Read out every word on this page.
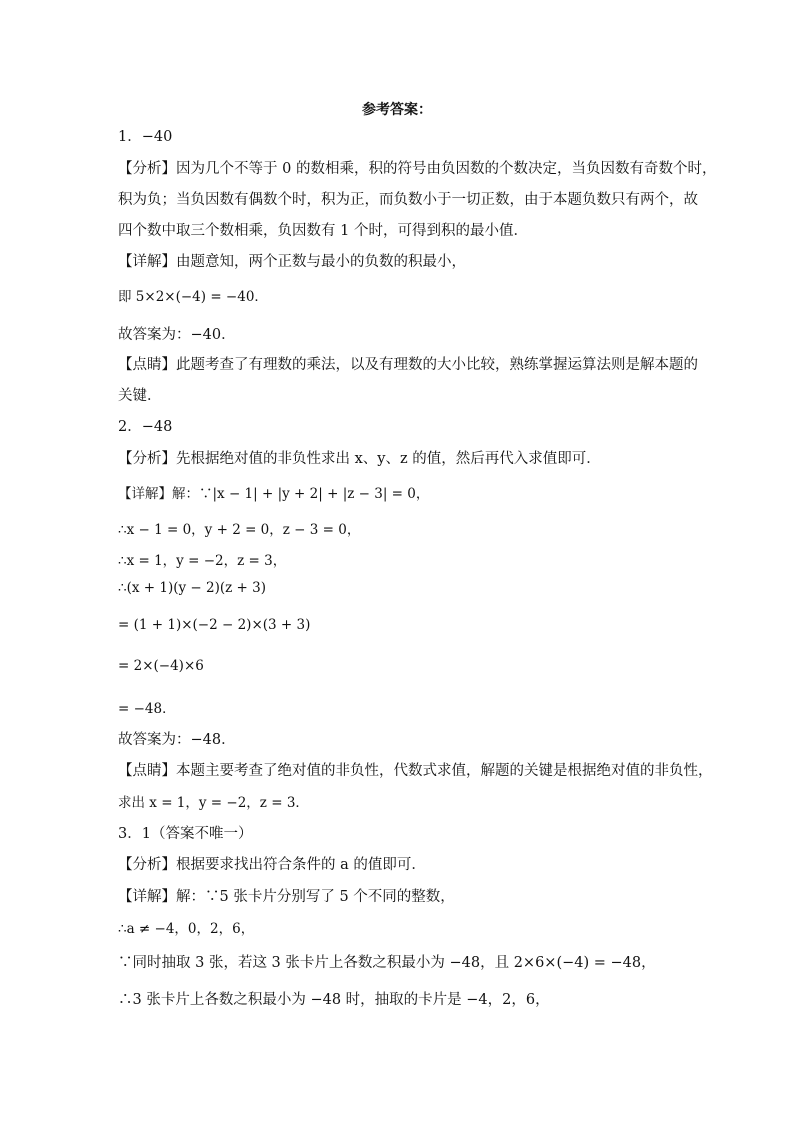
参考答案：
1．−40
【分析】因为几个不等于 0 的数相乘，积的符号由负因数的个数决定，当负因数有奇数个时，
积为负；当负因数有偶数个时，积为正，而负数小于一切正数，由于本题负数只有两个，故
四个数中取三个数相乘，负因数有 1 个时，可得到积的最小值．
【详解】由题意知，两个正数与最小的负数的积最小，
即 5×2×(−4) = −40．
故答案为：−40．
【点睛】此题考查了有理数的乘法，以及有理数的大小比较，熟练掌握运算法则是解本题的
关键．
2．−48
【分析】先根据绝对值的非负性求出 x、y、z 的值，然后再代入求值即可．
【详解】解：∵|x − 1| + |y + 2| + |z − 3| = 0，
∴x − 1 = 0，y + 2 = 0，z − 3 = 0，
∴x = 1，y = −2，z = 3，
∴(x + 1)(y − 2)(z + 3)
= (1 + 1)×(−2 − 2)×(3 + 3)
= 2×(−4)×6
= −48．
故答案为：−48．
【点睛】本题主要考查了绝对值的非负性，代数式求值，解题的关键是根据绝对值的非负性，
求出 x = 1，y = −2，z = 3．
3．1（答案不唯一）
【分析】根据要求找出符合条件的 a 的值即可．
【详解】解：∵5 张卡片分别写了 5 个不同的整数，
∴a ≠ −4，0，2，6，
∵同时抽取 3 张，若这 3 张卡片上各数之积最小为 −48，且 2×6×(−4) = −48，
∴3 张卡片上各数之积最小为 −48 时，抽取的卡片是 −4，2，6，
